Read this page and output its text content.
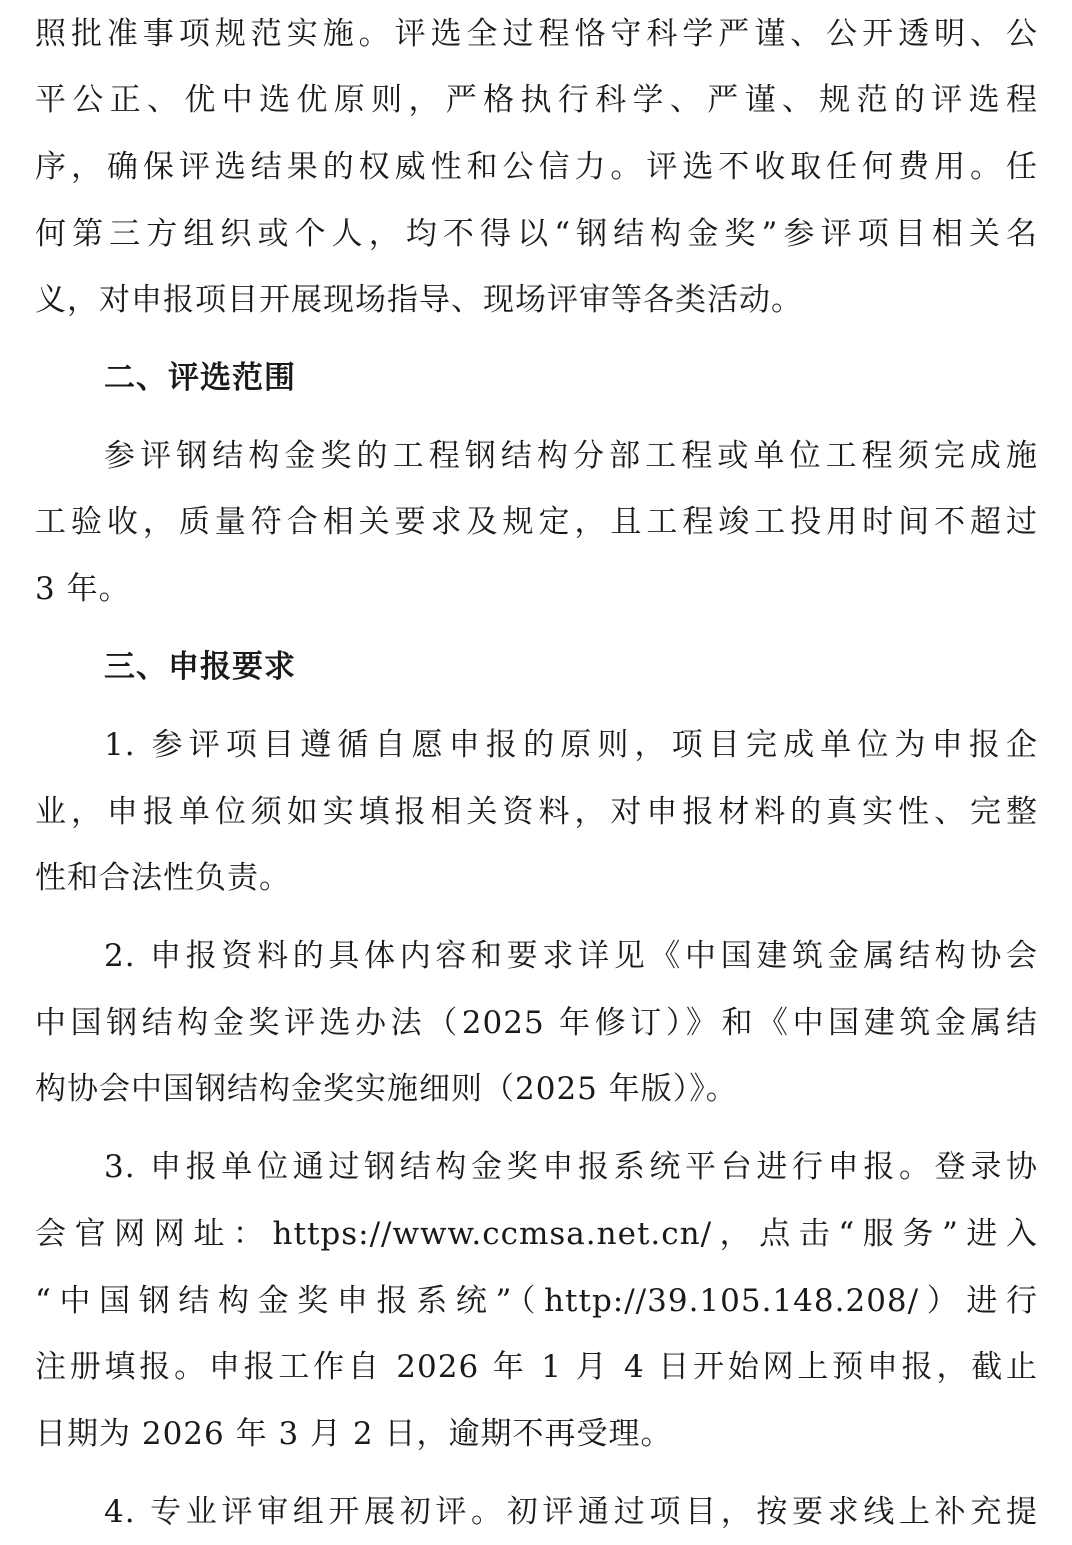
照批准事项规范实施。评选全过程恪守科学严谨、公开透明、公
平公正、优中选优原则，严格执行科学、严谨、规范的评选程
序，确保评选结果的权威性和公信力。评选不收取任何费用。任
何第三方组织或个人，均不得以“钢结构金奖”参评项目相关名
义，对申报项目开展现场指导、现场评审等各类活动。
二、评选范围
参评钢结构金奖的工程钢结构分部工程或单位工程须完成施
工验收，质量符合相关要求及规定，且工程竣工投用时间不超过
3 年。
三、申报要求
1. 参评项目遵循自愿申报的原则，项目完成单位为申报企
业，申报单位须如实填报相关资料，对申报材料的真实性、完整
性和合法性负责。
2. 申报资料的具体内容和要求详见《中国建筑金属结构协会
中国钢结构金奖评选办法（2025 年修订）》和《中国建筑金属结
构协会中国钢结构金奖实施细则（2025 年版）》。
3. 申报单位通过钢结构金奖申报系统平台进行申报。登录协
会官网网址：https://www.ccmsa.net.cn/，点击“服务”进入
“中国钢结构金奖申报系统”（http://39.105.148.208/）进行
注册填报。申报工作自 2026 年 1 月 4 日开始网上预申报，截止
日期为 2026 年 3 月 2 日，逾期不再受理。
4. 专业评审组开展初评。初评通过项目，按要求线上补充提
